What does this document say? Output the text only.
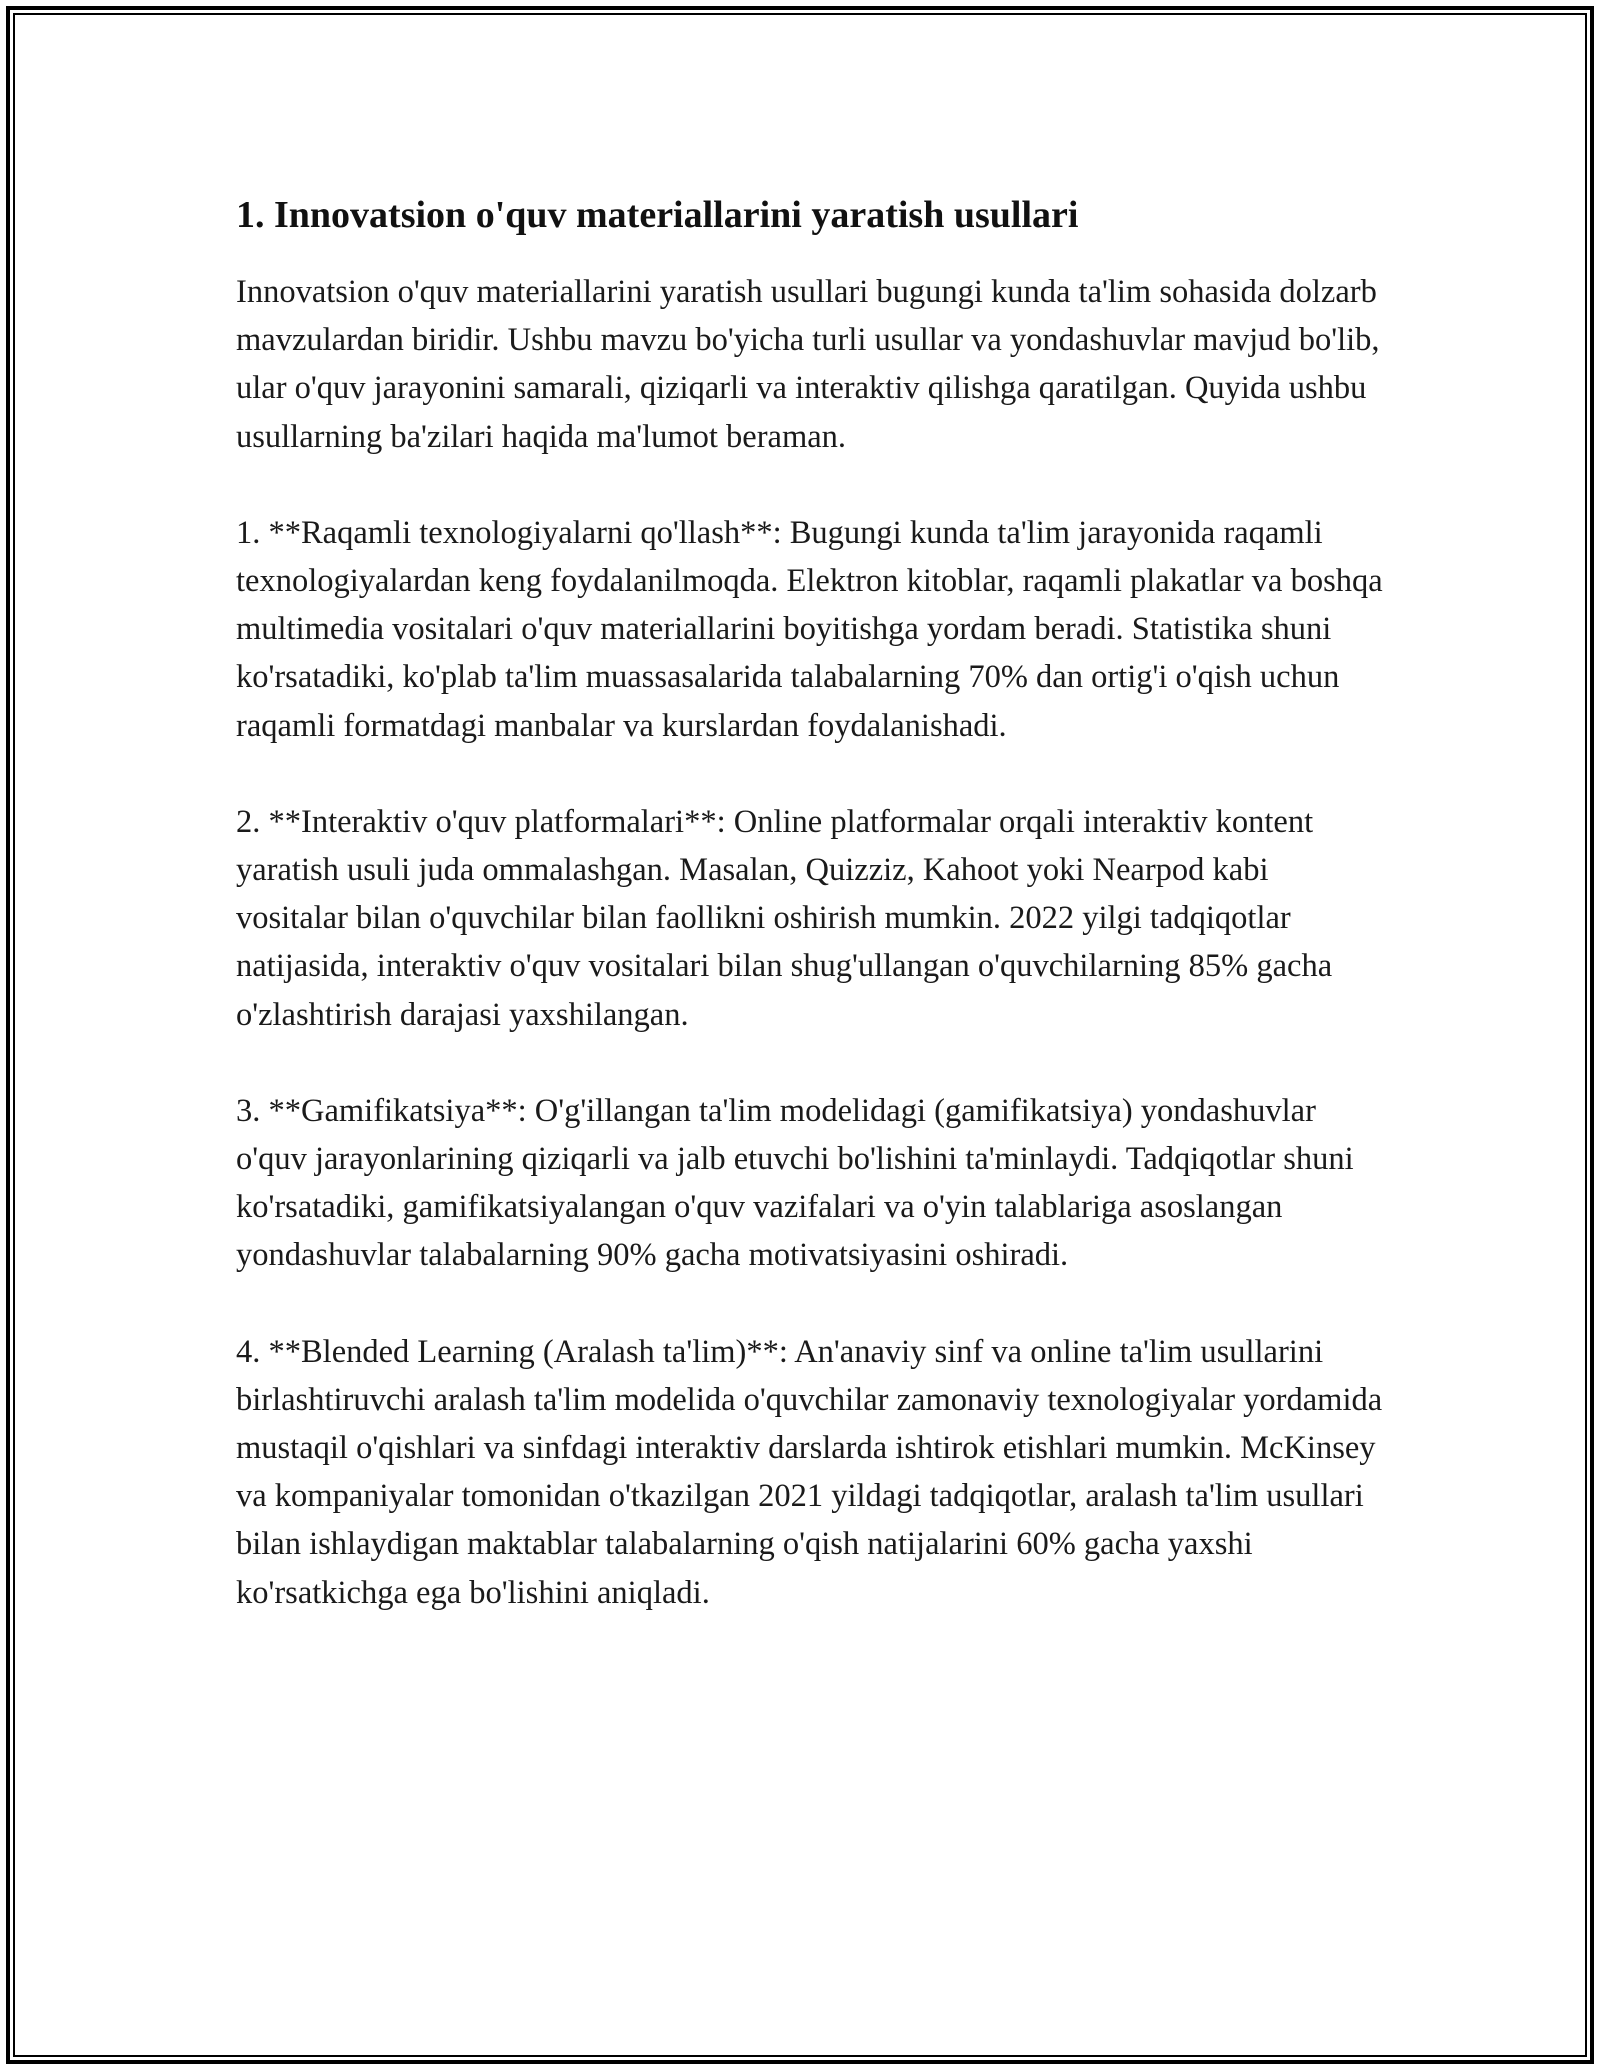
1. Innovatsion o'quv materiallarini yaratish usullari

Innovatsion o'quv materiallarini yaratish usullari bugungi kunda ta'lim sohasida dolzarb mavzulardan biridir. Ushbu mavzu bo'yicha turli usullar va yondashuvlar mavjud bo'lib, ular o'quv jarayonini samarali, qiziqarli va interaktiv qilishga qaratilgan. Quyida ushbu usullarning ba'zilari haqida ma'lumot beraman.

1. **Raqamli texnologiyalarni qo'llash**: Bugungi kunda ta'lim jarayonida raqamli texnologiyalardan keng foydalanilmoqda. Elektron kitoblar, raqamli plakatlar va boshqa multimedia vositalari o'quv materiallarini boyitishga yordam beradi. Statistika shuni ko'rsatadiki, ko'plab ta'lim muassasalarida talabalarning 70% dan ortig'i o'qish uchun raqamli formatdagi manbalar va kurslardan foydalanishadi.

2. **Interaktiv o'quv platformalari**: Online platformalar orqali interaktiv kontent yaratish usuli juda ommalashgan. Masalan, Quizziz, Kahoot yoki Nearpod kabi vositalar bilan o'quvchilar bilan faollikni oshirish mumkin. 2022 yilgi tadqiqotlar natijasida, interaktiv o'quv vositalari bilan shug'ullangan o'quvchilarning 85% gacha o'zlashtirish darajasi yaxshilangan.

3. **Gamifikatsiya**: O'g'illangan ta'lim modelidagi (gamifikatsiya) yondashuvlar o'quv jarayonlarining qiziqarli va jalb etuvchi bo'lishini ta'minlaydi. Tadqiqotlar shuni ko'rsatadiki, gamifikatsiyalangan o'quv vazifalari va o'yin talablariga asoslangan yondashuvlar talabalarning 90% gacha motivatsiyasini oshiradi.

4. **Blended Learning (Aralash ta'lim)**: An'anaviy sinf va online ta'lim usullarini birlashtiruvchi aralash ta'lim modelida o'quvchilar zamonaviy texnologiyalar yordamida mustaqil o'qishlari va sinfdagi interaktiv darslarda ishtirok etishlari mumkin. McKinsey va kompaniyalar tomonidan o'tkazilgan 2021 yildagi tadqiqotlar, aralash ta'lim usullari bilan ishlaydigan maktablar talabalarning o'qish natijalarini 60% gacha yaxshi ko'rsatkichga ega bo'lishini aniqladi.
